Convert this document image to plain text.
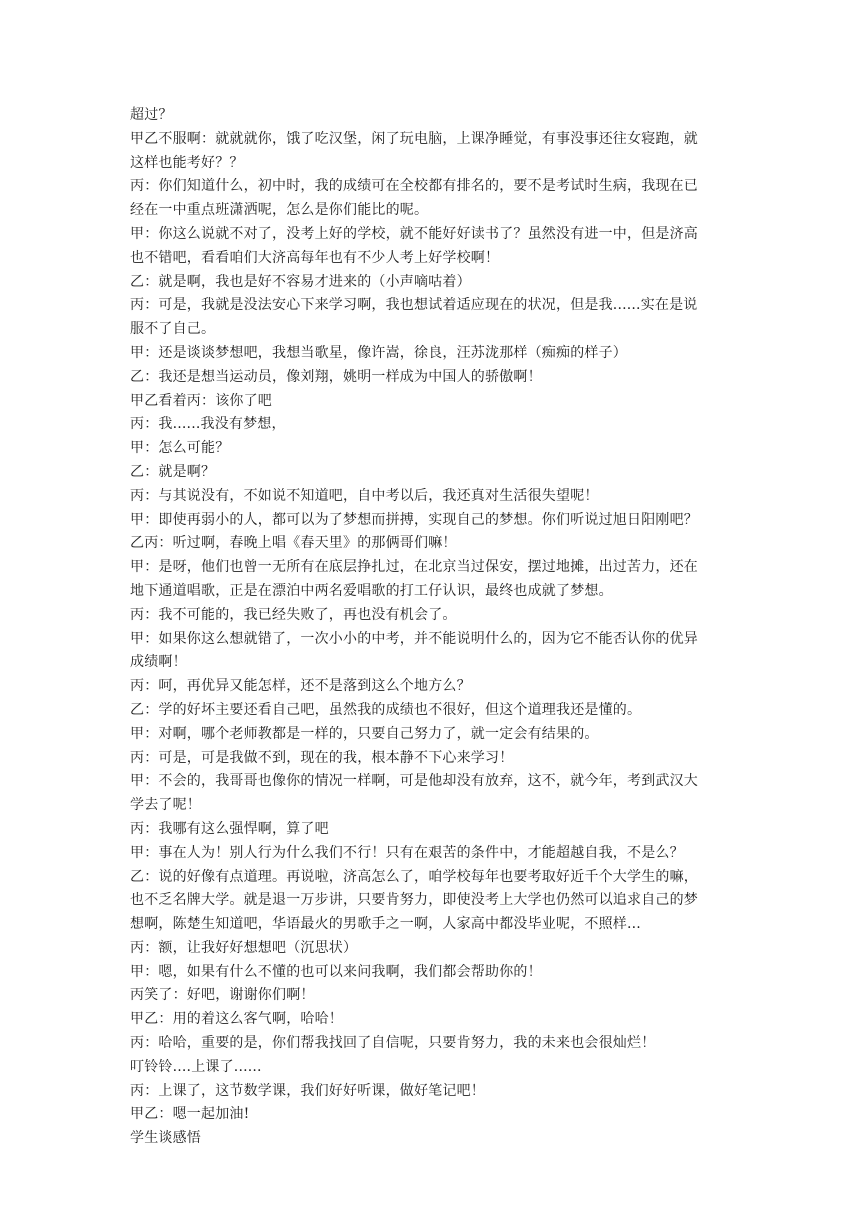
超过？
甲乙不服啊：就就就你，饿了吃汉堡，闲了玩电脑，上课净睡觉，有事没事还往女寝跑，就
这样也能考好？？
丙：你们知道什么，初中时，我的成绩可在全校都有排名的，要不是考试时生病，我现在已
经在一中重点班潇洒呢，怎么是你们能比的呢。
甲：你这么说就不对了，没考上好的学校，就不能好好读书了？虽然没有进一中，但是济高
也不错吧，看看咱们大济高每年也有不少人考上好学校啊！
乙：就是啊，我也是好不容易才进来的（小声嘀咕着）
丙：可是，我就是没法安心下来学习啊，我也想试着适应现在的状况，但是我......实在是说
服不了自己。
甲：还是谈谈梦想吧，我想当歌星，像许嵩，徐良，汪苏泷那样（痴痴的样子）
乙：我还是想当运动员，像刘翔，姚明一样成为中国人的骄傲啊！
甲乙看着丙：该你了吧
丙：我......我没有梦想，
甲：怎么可能？
乙：就是啊？
丙：与其说没有，不如说不知道吧，自中考以后，我还真对生活很失望呢！
甲：即使再弱小的人，都可以为了梦想而拼搏，实现自己的梦想。你们听说过旭日阳刚吧？
乙丙：听过啊，春晚上唱《春天里》的那俩哥们嘛！
甲：是呀，他们也曾一无所有在底层挣扎过，在北京当过保安，摆过地摊，出过苦力，还在
地下通道唱歌，正是在漂泊中两名爱唱歌的打工仔认识，最终也成就了梦想。
丙：我不可能的，我已经失败了，再也没有机会了。
甲：如果你这么想就错了，一次小小的中考，并不能说明什么的，因为它不能否认你的优异
成绩啊！
丙：呵，再优异又能怎样，还不是落到这么个地方么？
乙：学的好坏主要还看自己吧，虽然我的成绩也不很好，但这个道理我还是懂的。
甲：对啊，哪个老师教都是一样的，只要自己努力了，就一定会有结果的。
丙：可是，可是我做不到，现在的我，根本静不下心来学习！
甲：不会的，我哥哥也像你的情况一样啊，可是他却没有放弃，这不，就今年，考到武汉大
学去了呢！
丙：我哪有这么强悍啊，算了吧
甲：事在人为！别人行为什么我们不行！只有在艰苦的条件中，才能超越自我，不是么？
乙：说的好像有点道理。再说啦，济高怎么了，咱学校每年也要考取好近千个大学生的嘛，
也不乏名牌大学。就是退一万步讲，只要肯努力，即使没考上大学也仍然可以追求自己的梦
想啊，陈楚生知道吧，华语最火的男歌手之一啊，人家高中都没毕业呢，不照样...
丙：额，让我好好想想吧（沉思状）
甲：嗯，如果有什么不懂的也可以来问我啊，我们都会帮助你的！
丙笑了：好吧，谢谢你们啊！
甲乙：用的着这么客气啊，哈哈！
丙：哈哈，重要的是，你们帮我找回了自信呢，只要肯努力，我的未来也会很灿烂！
叮铃铃....上课了......
丙：上课了，这节数学课，我们好好听课，做好笔记吧！
甲乙：嗯一起加油!
学生谈感悟
